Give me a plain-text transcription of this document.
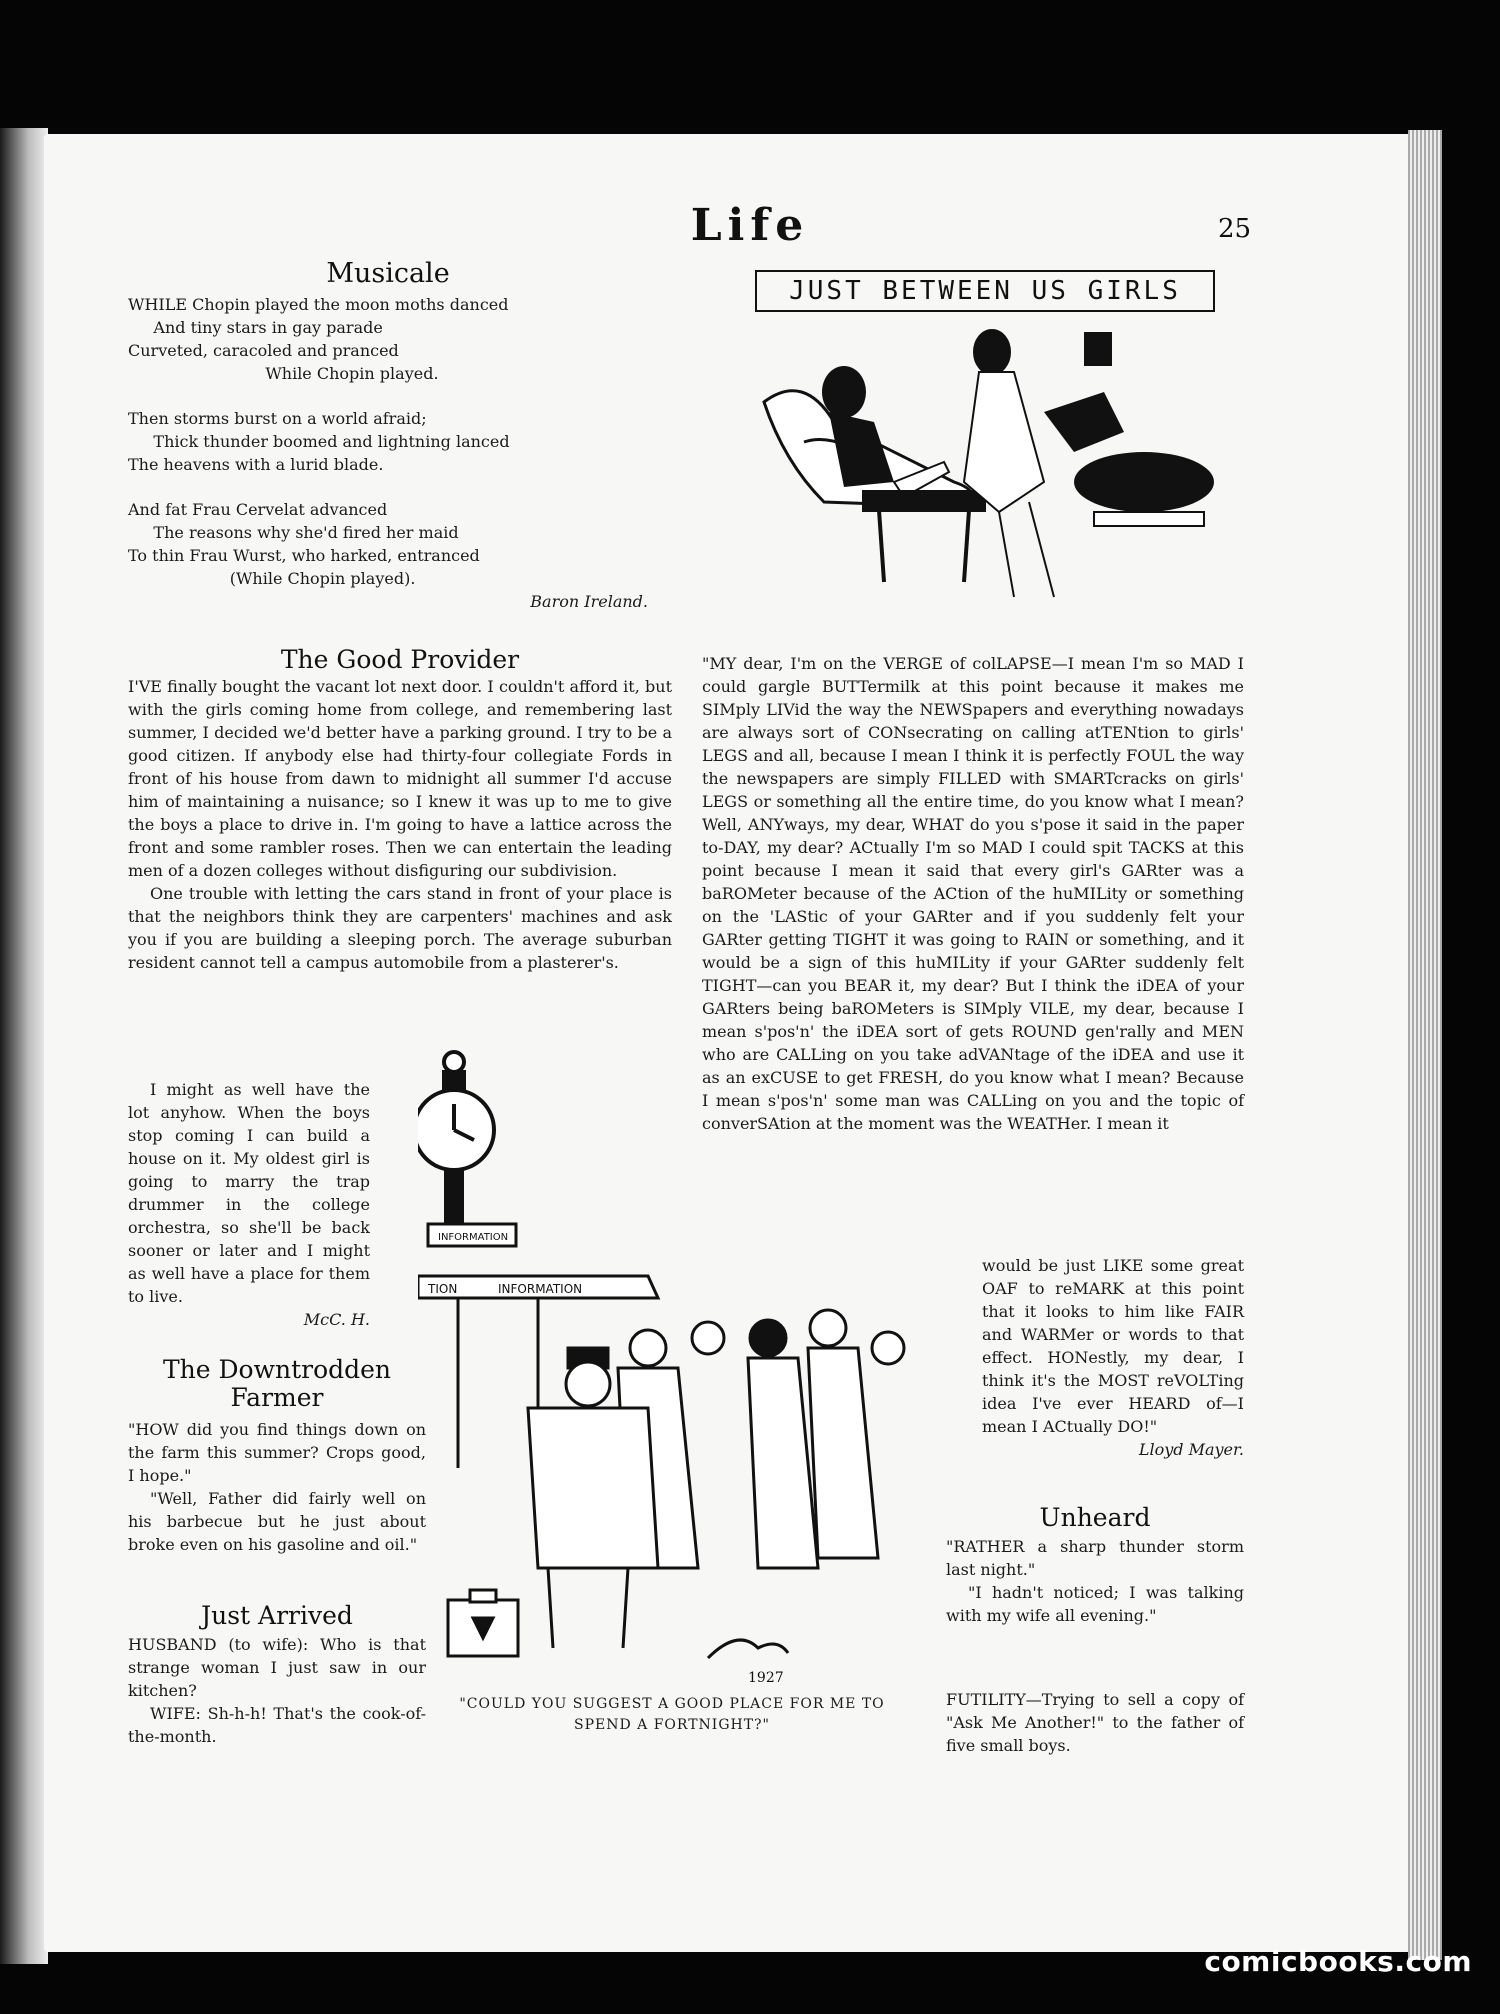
Life	25
Musicale

WHILE Chopin played the moon moths danced

And tiny stars in gay parade

Curveted, caracoled and pranced

While Chopin played.

Then storms burst on a world afraid;

Thick thunder boomed and lightning lanced

The heavens with a lurid blade.

And fat Frau Cervelat advanced

The reasons why she'd fired her maid

To thin Frau Wurst, who harked, entranced

(While Chopin played).

Baron Ireland.
JUST BETWEEN US GIRLS
The Good Provider

I'VE finally bought the vacant lot next door. I couldn't afford it, but with the girls coming home from college, and remembering last summer, I decided we'd better have a parking ground. I try to be a good citizen. If anybody else had thirty-four collegiate Fords in front of his house from dawn to midnight all summer I'd accuse him of maintaining a nuisance; so I knew it was up to me to give the boys a place to drive in. I'm going to have a lattice across the front and some rambler roses. Then we can entertain the leading men of a dozen colleges without disfiguring our subdivision.

One trouble with letting the cars stand in front of your place is that the neighbors think they are carpenters' machines and ask you if you are building a sleeping porch. The average suburban resident cannot tell a campus automobile from a plasterer's.

I might as well have the lot anyhow. When the boys stop coming I can build a house on it. My oldest girl is going to marry the trap drummer in the college orchestra, so she'll be back sooner or later and I might as well have a place for them to live.

McC. H.
The Downtrodden
Farmer

"HOW did you find things down on the farm this summer? Crops good, I hope."

"Well, Father did fairly well on his barbecue but he just about broke even on his gasoline and oil."

Just Arrived

HUSBAND (to wife): Who is that strange woman I just saw in our kitchen?

WIFE: Sh-h-h! That's the cook-of-the-month.

INFORMATION
TION	INFORMATION
1927
"COULD YOU SUGGEST A GOOD PLACE FOR ME TO
SPEND A FORTNIGHT?"

"MY dear, I'm on the VERGE of colLAPSE—I mean I'm so MAD I could gargle BUTTermilk at this point because it makes me SIMply LIVid the way the NEWSpapers and everything nowadays are always sort of CONsecrating on calling atTENtion to girls' LEGS and all, because I mean I think it is perfectly FOUL the way the newspapers are simply FILLED with SMARTcracks on girls' LEGS or something all the entire time, do you know what I mean? Well, ANYways, my dear, WHAT do you s'pose it said in the paper to-DAY, my dear? ACtually I'm so MAD I could spit TACKS at this point because I mean it said that every girl's GARter was a baROMeter because of the ACtion of the huMILity or something on the 'LAStic of your GARter and if you suddenly felt your GARter getting TIGHT it was going to RAIN or something, and it would be a sign of this huMILity if your GARter suddenly felt TIGHT—can you BEAR it, my dear? But I think the iDEA of your GARters being baROMeters is SIMply VILE, my dear, because I mean s'pos'n' the iDEA sort of gets ROUND gen'rally and MEN who are CALLing on you take adVANtage of the iDEA and use it as an exCUSE to get FRESH, do you know what I mean? Because I mean s'pos'n' some man was CALLing on you and the topic of converSAtion at the moment was the WEATHer. I mean it

would be just LIKE some great OAF to reMARK at this point that it looks to him like FAIR and WARMer or words to that effect. HONestly, my dear, I think it's the MOST reVOLTing idea I've ever HEARD of—I mean I ACtually DO!"

Lloyd Mayer.
Unheard

"RATHER a sharp thunder storm last night."

"I hadn't noticed; I was talking with my wife all evening."

FUTILITY—Trying to sell a copy of "Ask Me Another!" to the father of five small boys.

comicbooks.com
